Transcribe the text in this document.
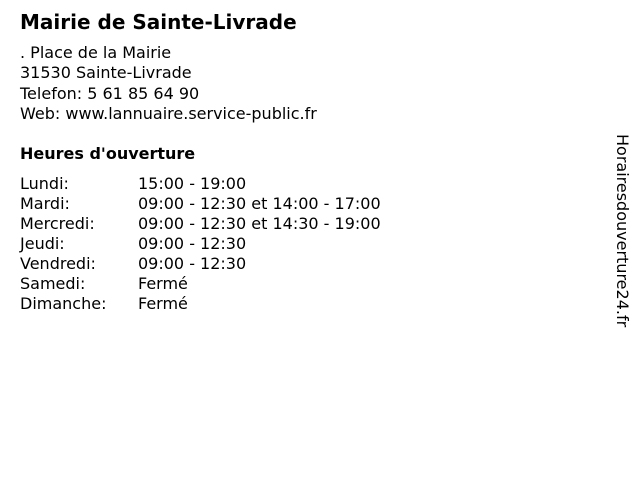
Mairie de Sainte-Livrade
. Place de la Mairie
31530 Sainte-Livrade
Telefon: 5 61 85 64 90
Web: www.lannuaire.service-public.fr
Heures d'ouverture
Lundi:	15:00 - 19:00
Mardi:	09:00 - 12:30 et 14:00 - 17:00
Mercredi:	09:00 - 12:30 et 14:30 - 19:00
Jeudi:	09:00 - 12:30
Vendredi:	09:00 - 12:30
Samedi:	Fermé
Dimanche: Fermé	Horairesdouverture24.fr
